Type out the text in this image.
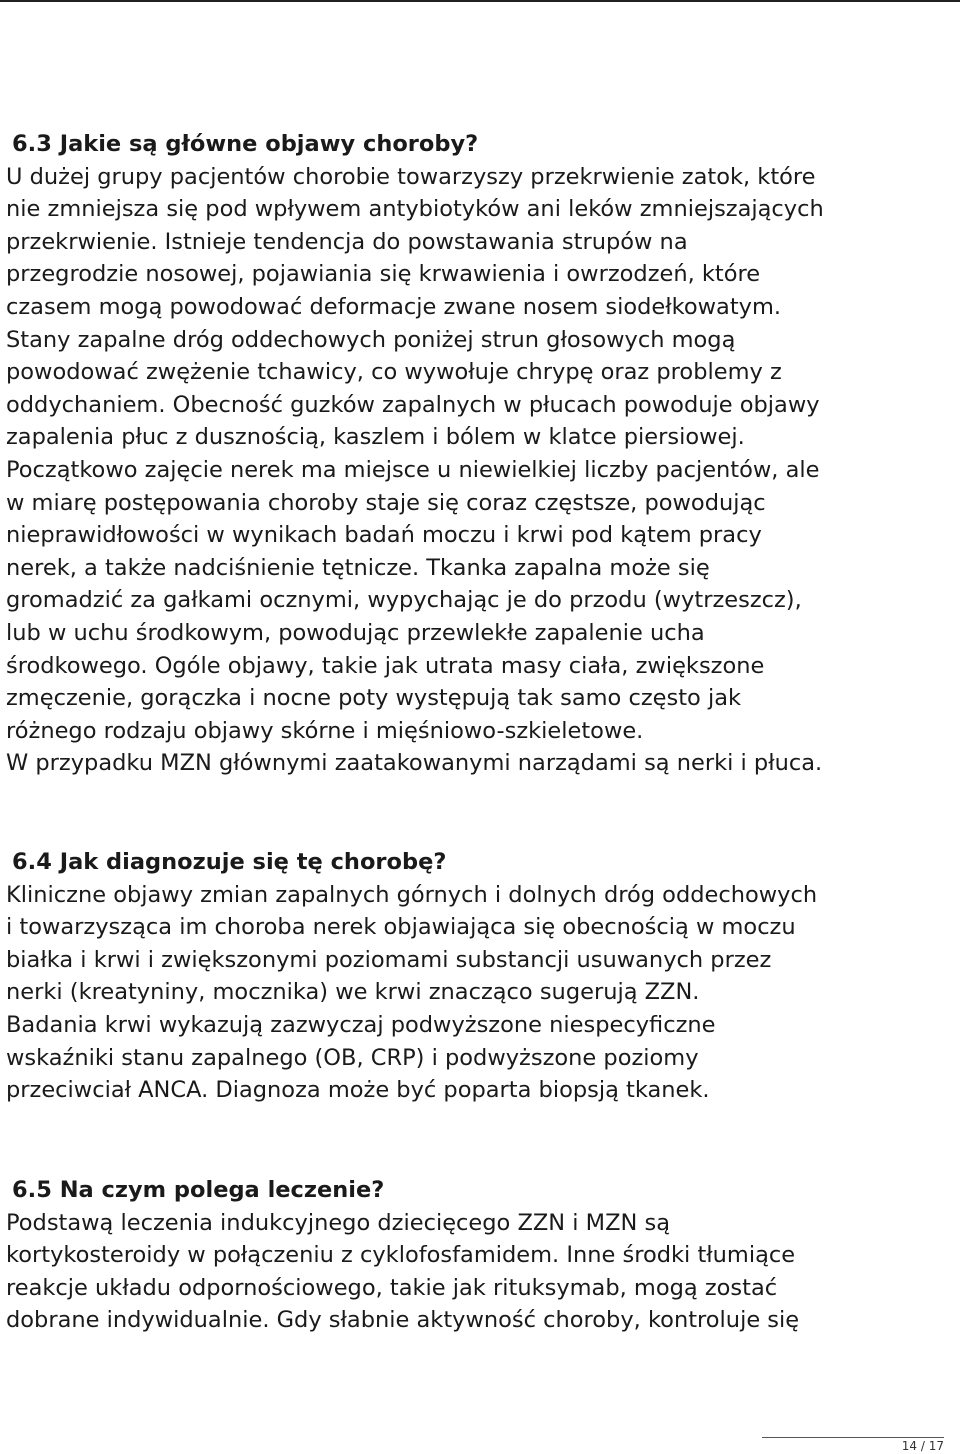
6.3 Jakie są główne objawy choroby?
U dużej grupy pacjentów chorobie towarzyszy przekrwienie zatok, które
nie zmniejsza się pod wpływem antybiotyków ani leków zmniejszających
przekrwienie. Istnieje tendencja do powstawania strupów na
przegrodzie nosowej, pojawiania się krwawienia i owrzodzeń, które
czasem mogą powodować deformacje zwane nosem siodełkowatym.
Stany zapalne dróg oddechowych poniżej strun głosowych mogą
powodować zwężenie tchawicy, co wywołuje chrypę oraz problemy z
oddychaniem. Obecność guzków zapalnych w płucach powoduje objawy
zapalenia płuc z dusznością, kaszlem i bólem w klatce piersiowej.
Początkowo zajęcie nerek ma miejsce u niewielkiej liczby pacjentów, ale
w miarę postępowania choroby staje się coraz częstsze, powodując
nieprawidłowości w wynikach badań moczu i krwi pod kątem pracy
nerek, a także nadciśnienie tętnicze. Tkanka zapalna może się
gromadzić za gałkami ocznymi, wypychając je do przodu (wytrzeszcz),
lub w uchu środkowym, powodując przewlekłe zapalenie ucha
środkowego. Ogóle objawy, takie jak utrata masy ciała, zwiększone
zmęczenie, gorączka i nocne poty występują tak samo często jak
różnego rodzaju objawy skórne i mięśniowo-szkieletowe.
W przypadku MZN głównymi zaatakowanymi narządami są nerki i płuca.
6.4 Jak diagnozuje się tę chorobę?
Kliniczne objawy zmian zapalnych górnych i dolnych dróg oddechowych
i towarzysząca im choroba nerek objawiająca się obecnością w moczu
białka i krwi i zwiększonymi poziomami substancji usuwanych przez
nerki (kreatyniny, mocznika) we krwi znacząco sugerują ZZN.
Badania krwi wykazują zazwyczaj podwyższone niespecyficzne
wskaźniki stanu zapalnego (OB, CRP) i podwyższone poziomy
przeciwciał ANCA. Diagnoza może być poparta biopsją tkanek.
6.5 Na czym polega leczenie?
Podstawą leczenia indukcyjnego dziecięcego ZZN i MZN są
kortykosteroidy w połączeniu z cyklofosfamidem. Inne środki tłumiące
reakcje układu odpornościowego, takie jak rituksymab, mogą zostać
dobrane indywidualnie. Gdy słabnie aktywność choroby, kontroluje się
14 / 17
